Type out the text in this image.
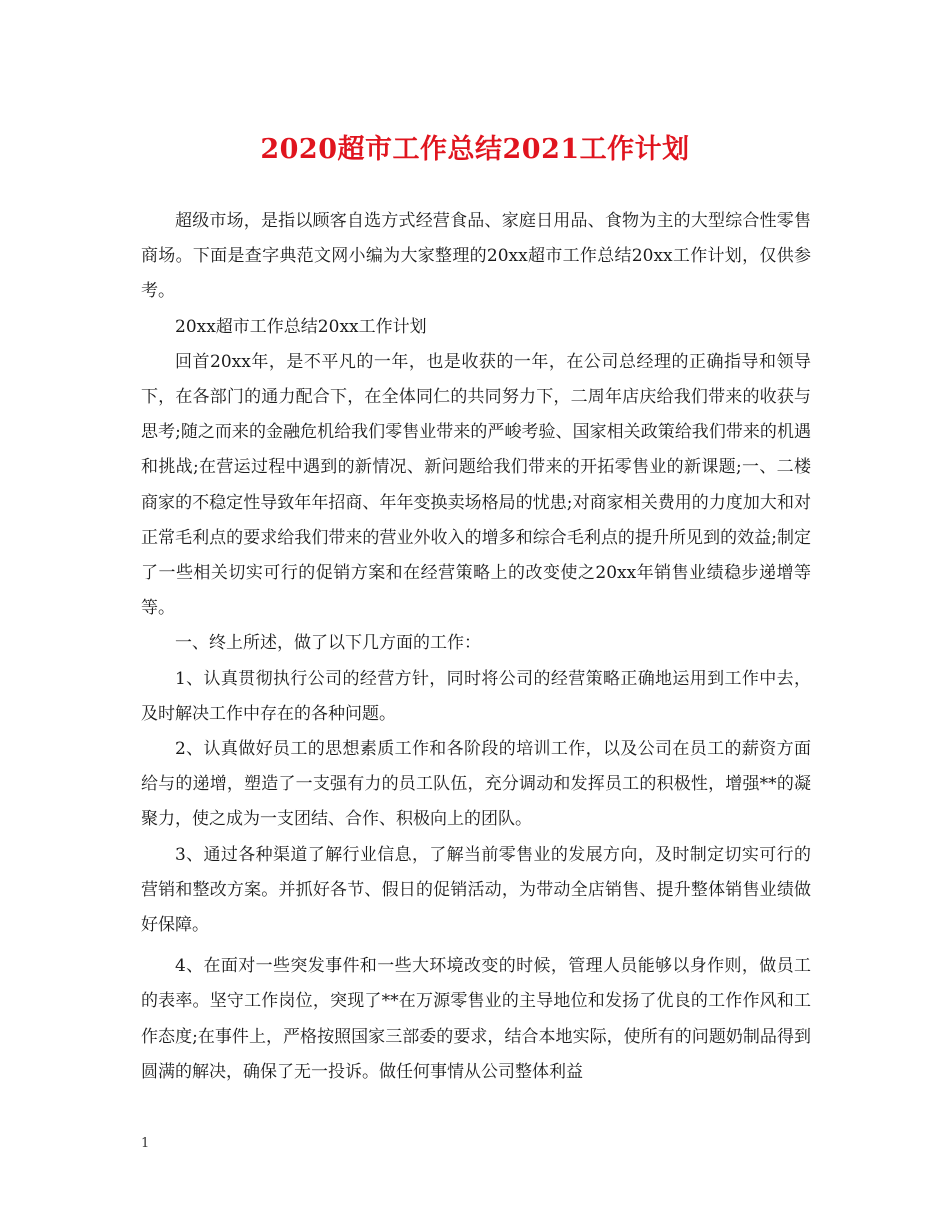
2020超市工作总结2021工作计划

超级市场，是指以顾客自选方式经营食品、家庭日用品、食物为主的大型综合性零售商场。下面是查字典范文网小编为大家整理的20xx超市工作总结20xx工作计划，仅供参考。

20xx超市工作总结20xx工作计划

回首20xx年，是不平凡的一年，也是收获的一年，在公司总经理的正确指导和领导下，在各部门的通力配合下，在全体同仁的共同努力下，二周年店庆给我们带来的收获与思考;随之而来的金融危机给我们零售业带来的严峻考验、国家相关政策给我们带来的机遇和挑战;在营运过程中遇到的新情况、新问题给我们带来的开拓零售业的新课题;一、二楼商家的不稳定性导致年年招商、年年变换卖场格局的忧患;对商家相关费用的力度加大和对正常毛利点的要求给我们带来的营业外收入的增多和综合毛利点的提升所见到的效益;制定了一些相关切实可行的促销方案和在经营策略上的改变使之20xx年销售业绩稳步递增等等。

一、终上所述，做了以下几方面的工作：

1、认真贯彻执行公司的经营方针，同时将公司的经营策略正确地运用到工作中去，及时解决工作中存在的各种问题。

2、认真做好员工的思想素质工作和各阶段的培训工作，以及公司在员工的薪资方面给与的递增，塑造了一支强有力的员工队伍，充分调动和发挥员工的积极性，增强**的凝聚力，使之成为一支团结、合作、积极向上的团队。

3、通过各种渠道了解行业信息，了解当前零售业的发展方向，及时制定切实可行的营销和整改方案。并抓好各节、假日的促销活动，为带动全店销售、提升整体销售业绩做好保障。

4、在面对一些突发事件和一些大环境改变的时候，管理人员能够以身作则，做员工的表率。坚守工作岗位，突现了**在万源零售业的主导地位和发扬了优良的工作作风和工作态度;在事件上，严格按照国家三部委的要求，结合本地实际，使所有的问题奶制品得到圆满的解决，确保了无一投诉。做任何事情从公司整体利益

1
